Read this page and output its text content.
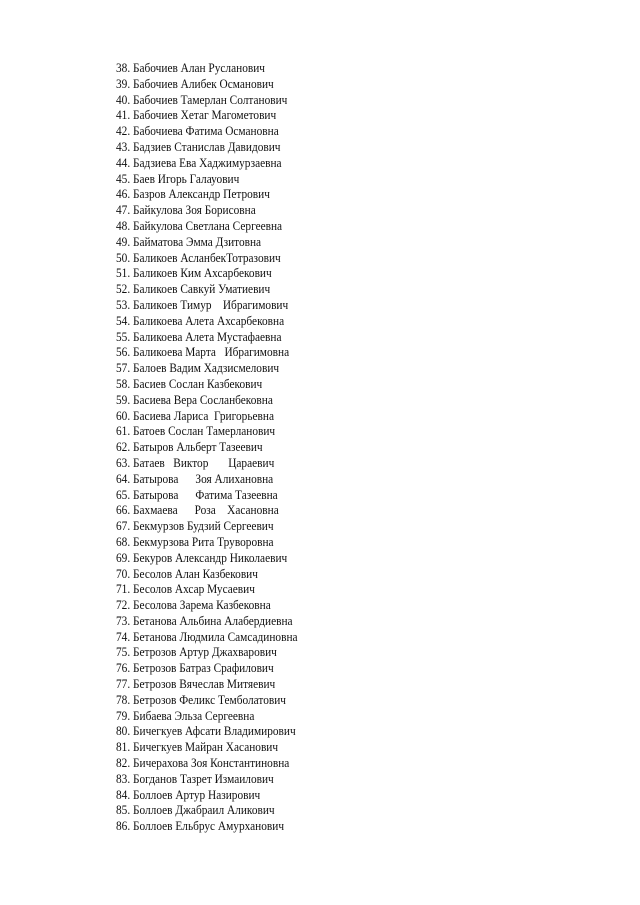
38. Бабочиев Алан Русланович
39. Бабочиев Алибек Османович
40. Бабочиев Тамерлан Солтанович
41. Бабочиев Хетаг Магометович
42. Бабочиева Фатима Османовна
43. Бадзиев Станислав Давидович
44. Бадзиева Ева Хаджимурзаевна
45. Баев Игорь Галауович
46. Базров Александр Петрович
47. Байкулова Зоя Борисовна
48. Байкулова Светлана Сергеевна
49. Байматова Эмма Дзитовна
50. Баликоев АсланбекТотразович
51. Баликоев Ким Ахсарбекович
52. Баликоев Савкуй Уматиевич
53. Баликоев Тимур    Ибрагимович
54. Баликоева Алета Ахсарбековна
55. Баликоева Алета Мустафаевна
56. Баликоева Марта   Ибрагимовна
57. Балоев Вадим Хадзисмелович
58. Басиев Сослан Казбекович
59. Басиева Вера Сосланбековна
60. Басиева Лариса  Григорьевна
61. Батоев Сослан Тамерланович
62. Батыров Альберт Тазеевич
63. Батаев   Виктор       Цараевич
64. Батырова      Зоя Алихановна
65. Батырова      Фатима Тазеевна
66. Бахмаева      Роза    Хасановна
67. Бекмурзов Будзий Сергеевич
68. Бекмурзова Рита Труворовна
69. Бекуров Александр Николаевич
70. Бесолов Алан Казбекович
71. Бесолов Ахсар Мусаевич
72. Бесолова Зарема Казбековна
73. Бетанова Альбина Алабердиевна
74. Бетанова Людмила Самсадиновна
75. Бетрозов Артур Джахварович
76. Бетрозов Батраз Срафилович
77. Бетрозов Вячеслав Митяевич
78. Бетрозов Феликс Темболатович
79. Бибаева Эльза Сергеевна
80. Бичегкуев Афсати Владимирович
81. Бичегкуев Майран Хасанович
82. Бичерахова Зоя Константиновна
83. Богданов Тазрет Измаилович
84. Боллоев Артур Назирович
85. Боллоев Джабраил Аликович
86. Боллоев Ельбрус Амурханович
